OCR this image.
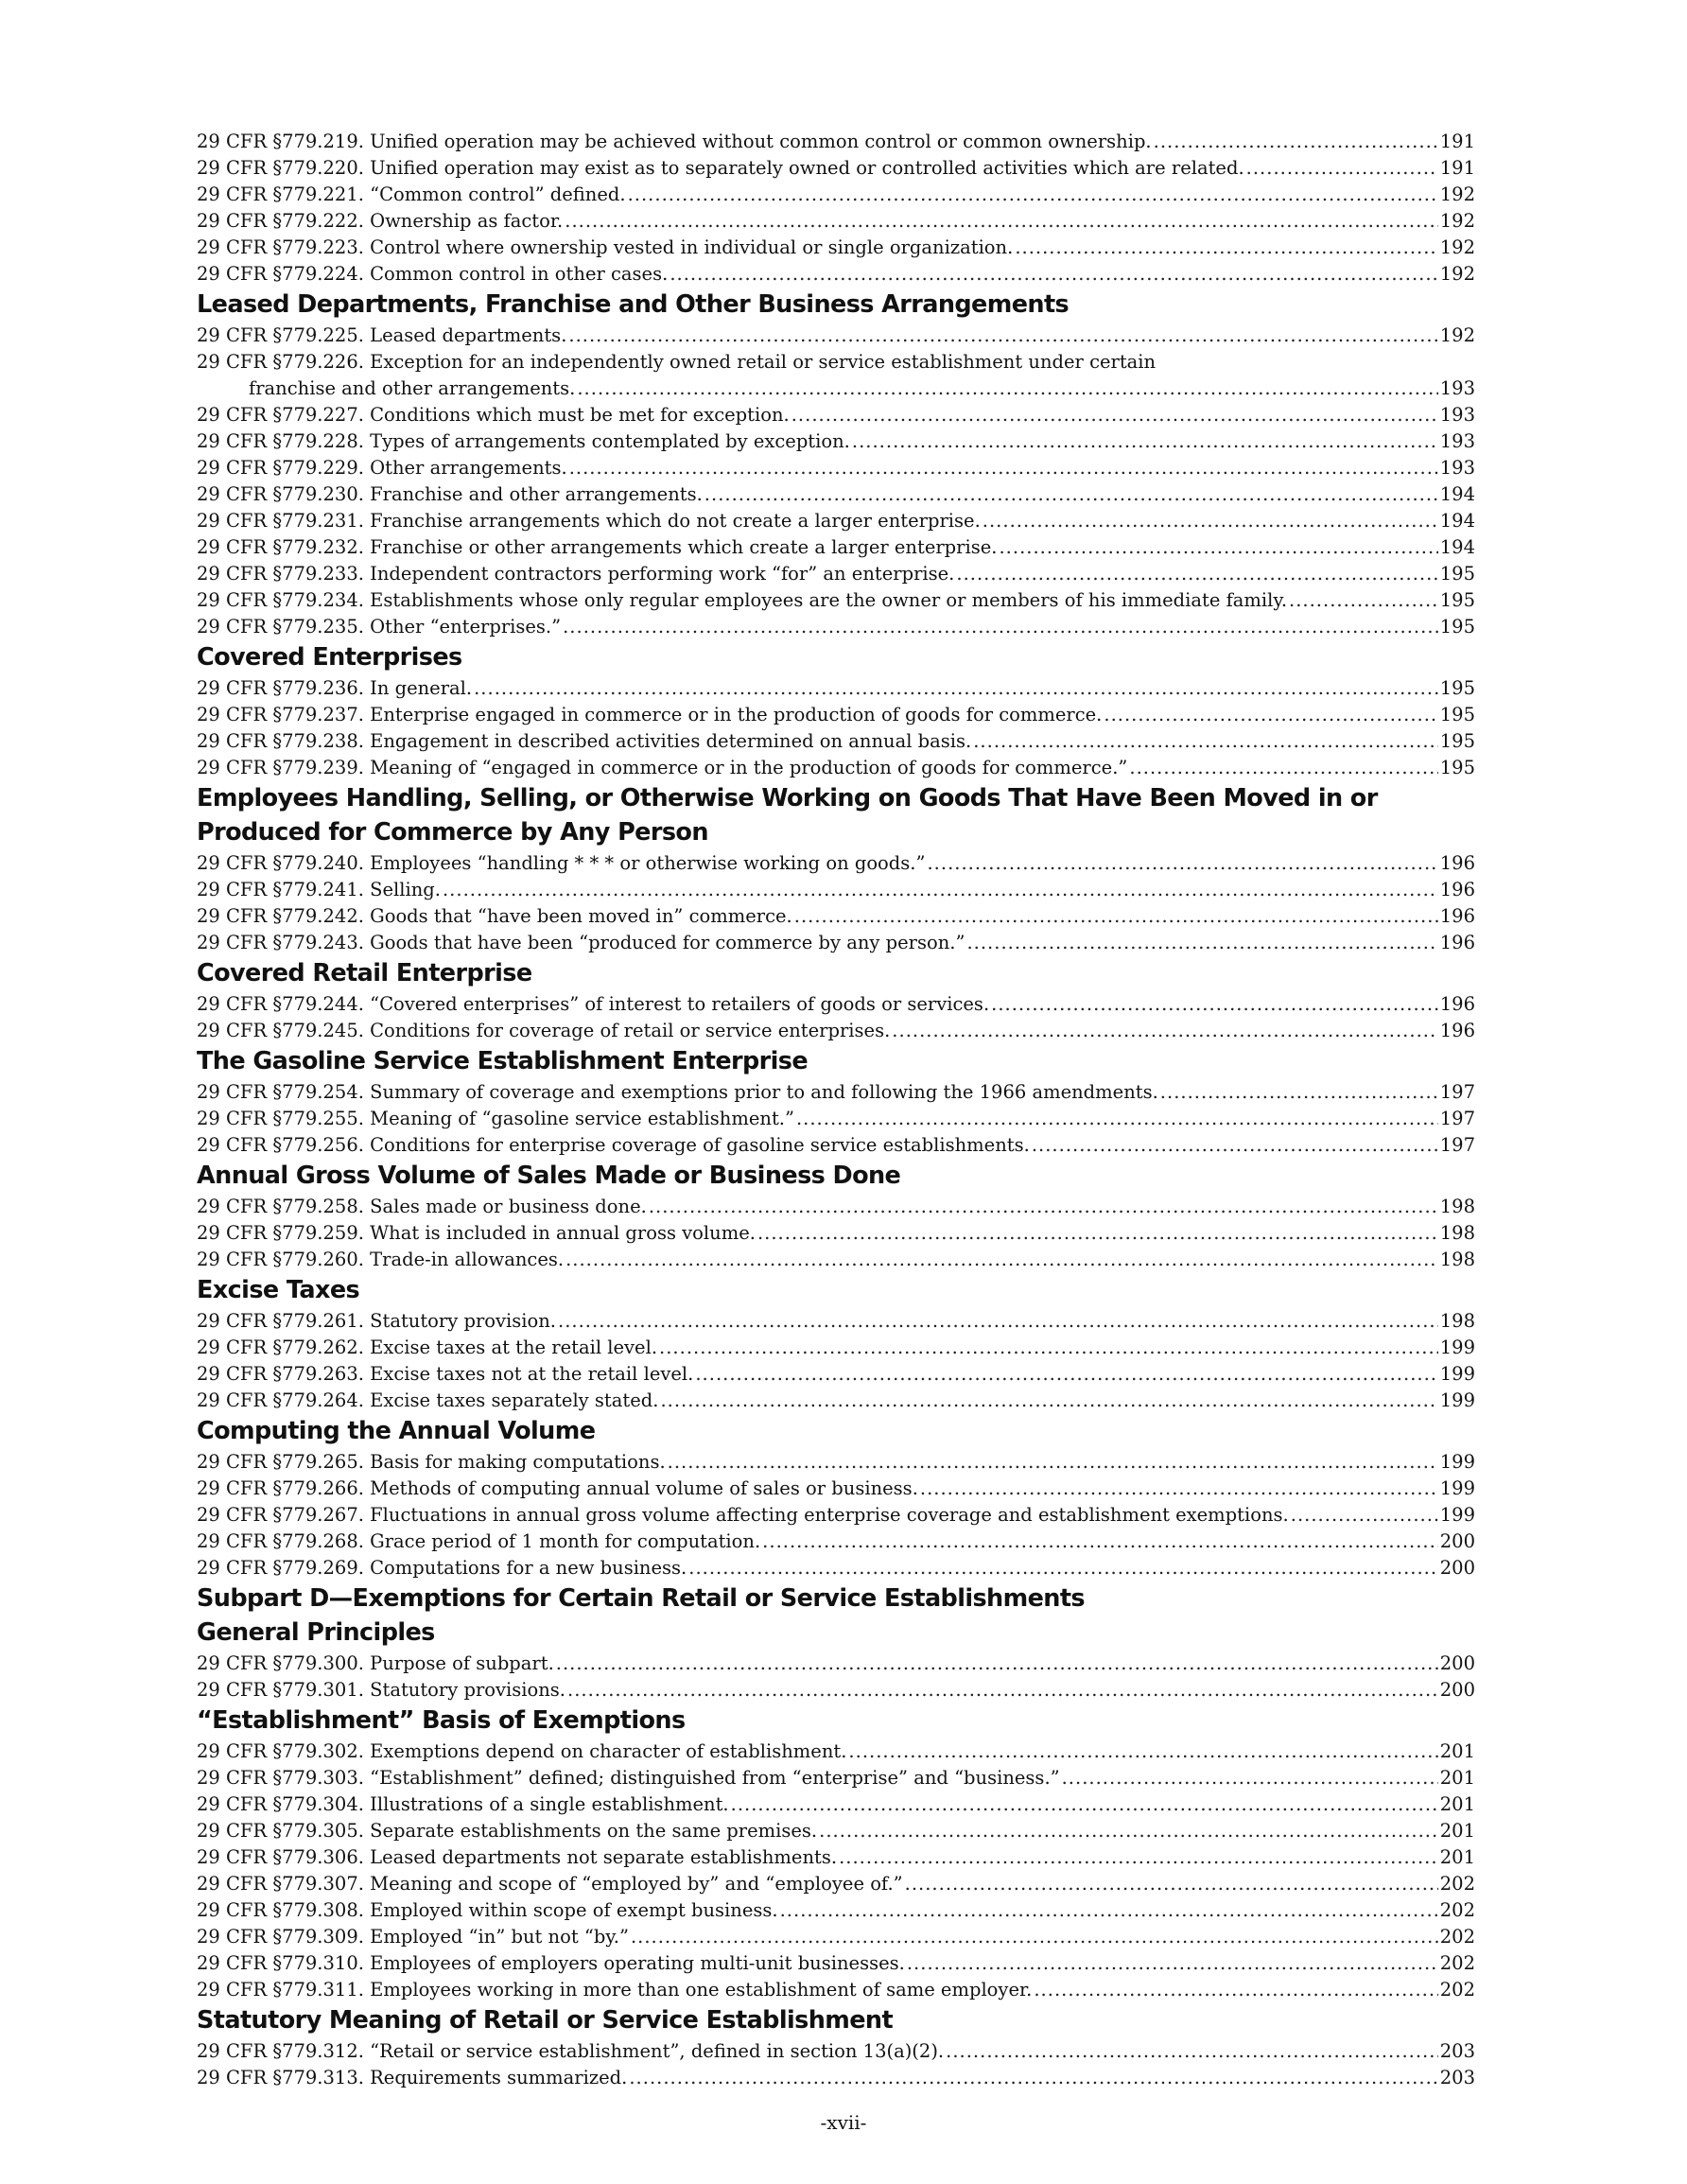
29 CFR §779.219. Unified operation may be achieved without common control or common ownership. .....	191
29 CFR §779.220. Unified operation may exist as to separately owned or controlled activities which are related. .....	191
29 CFR §779.221. “Common control” defined. .....	192
29 CFR §779.222. Ownership as factor. .....	192
29 CFR §779.223. Control where ownership vested in individual or single organization. .....	192
29 CFR §779.224. Common control in other cases. .....	192
Leased Departments, Franchise and Other Business Arrangements
29 CFR §779.225. Leased departments. .....	192
29 CFR §779.226. Exception for an independently owned retail or service establishment under certain
franchise and other arrangements. .....	193
29 CFR §779.227. Conditions which must be met for exception. .....	193
29 CFR §779.228. Types of arrangements contemplated by exception. .....	193
29 CFR §779.229. Other arrangements. .....	193
29 CFR §779.230. Franchise and other arrangements. .....	194
29 CFR §779.231. Franchise arrangements which do not create a larger enterprise. .....	194
29 CFR §779.232. Franchise or other arrangements which create a larger enterprise. .....	194
29 CFR §779.233. Independent contractors performing work “for” an enterprise. .....	195
29 CFR §779.234. Establishments whose only regular employees are the owner or members of his immediate family. .....	195
29 CFR §779.235. Other “enterprises.” .....	195
Covered Enterprises
29 CFR §779.236. In general. .....	195
29 CFR §779.237. Enterprise engaged in commerce or in the production of goods for commerce. .....	195
29 CFR §779.238. Engagement in described activities determined on annual basis. .....	195
29 CFR §779.239. Meaning of “engaged in commerce or in the production of goods for commerce.” .....	195
Employees Handling, Selling, or Otherwise Working on Goods That Have Been Moved in or
Produced for Commerce by Any Person
29 CFR §779.240. Employees “handling * * * or otherwise working on goods.” .....	196
29 CFR §779.241. Selling. .....	196
29 CFR §779.242. Goods that “have been moved in” commerce. .....	196
29 CFR §779.243. Goods that have been “produced for commerce by any person.” .....	196
Covered Retail Enterprise
29 CFR §779.244. “Covered enterprises” of interest to retailers of goods or services. .....	196
29 CFR §779.245. Conditions for coverage of retail or service enterprises. .....	196
The Gasoline Service Establishment Enterprise
29 CFR §779.254. Summary of coverage and exemptions prior to and following the 1966 amendments. .....	197
29 CFR §779.255. Meaning of “gasoline service establishment.” .....	197
29 CFR §779.256. Conditions for enterprise coverage of gasoline service establishments. .....	197
Annual Gross Volume of Sales Made or Business Done
29 CFR §779.258. Sales made or business done. .....	198
29 CFR §779.259. What is included in annual gross volume. .....	198
29 CFR §779.260. Trade-in allowances. .....	198
Excise Taxes
29 CFR §779.261. Statutory provision. .....	198
29 CFR §779.262. Excise taxes at the retail level. .....	199
29 CFR §779.263. Excise taxes not at the retail level. .....	199
29 CFR §779.264. Excise taxes separately stated. .....	199
Computing the Annual Volume
29 CFR §779.265. Basis for making computations. .....	199
29 CFR §779.266. Methods of computing annual volume of sales or business. .....	199
29 CFR §779.267. Fluctuations in annual gross volume affecting enterprise coverage and establishment exemptions. .....	199
29 CFR §779.268. Grace period of 1 month for computation. .....	200
29 CFR §779.269. Computations for a new business. .....	200
Subpart D—Exemptions for Certain Retail or Service Establishments
General Principles
29 CFR §779.300. Purpose of subpart. .....	200
29 CFR §779.301. Statutory provisions. .....	200
“Establishment” Basis of Exemptions
29 CFR §779.302. Exemptions depend on character of establishment. .....	201
29 CFR §779.303. “Establishment” defined; distinguished from “enterprise” and “business.” .....	201
29 CFR §779.304. Illustrations of a single establishment. .....	201
29 CFR §779.305. Separate establishments on the same premises. .....	201
29 CFR §779.306. Leased departments not separate establishments. .....	201
29 CFR §779.307. Meaning and scope of “employed by” and “employee of.” .....	202
29 CFR §779.308. Employed within scope of exempt business. .....	202
29 CFR §779.309. Employed “in” but not “by.” .....	202
29 CFR §779.310. Employees of employers operating multi-unit businesses. .....	202
29 CFR §779.311. Employees working in more than one establishment of same employer. .....	202
Statutory Meaning of Retail or Service Establishment
29 CFR §779.312. “Retail or service establishment”, defined in section 13(a)(2). .....	203
29 CFR §779.313. Requirements summarized. .....	203
-xvii-
